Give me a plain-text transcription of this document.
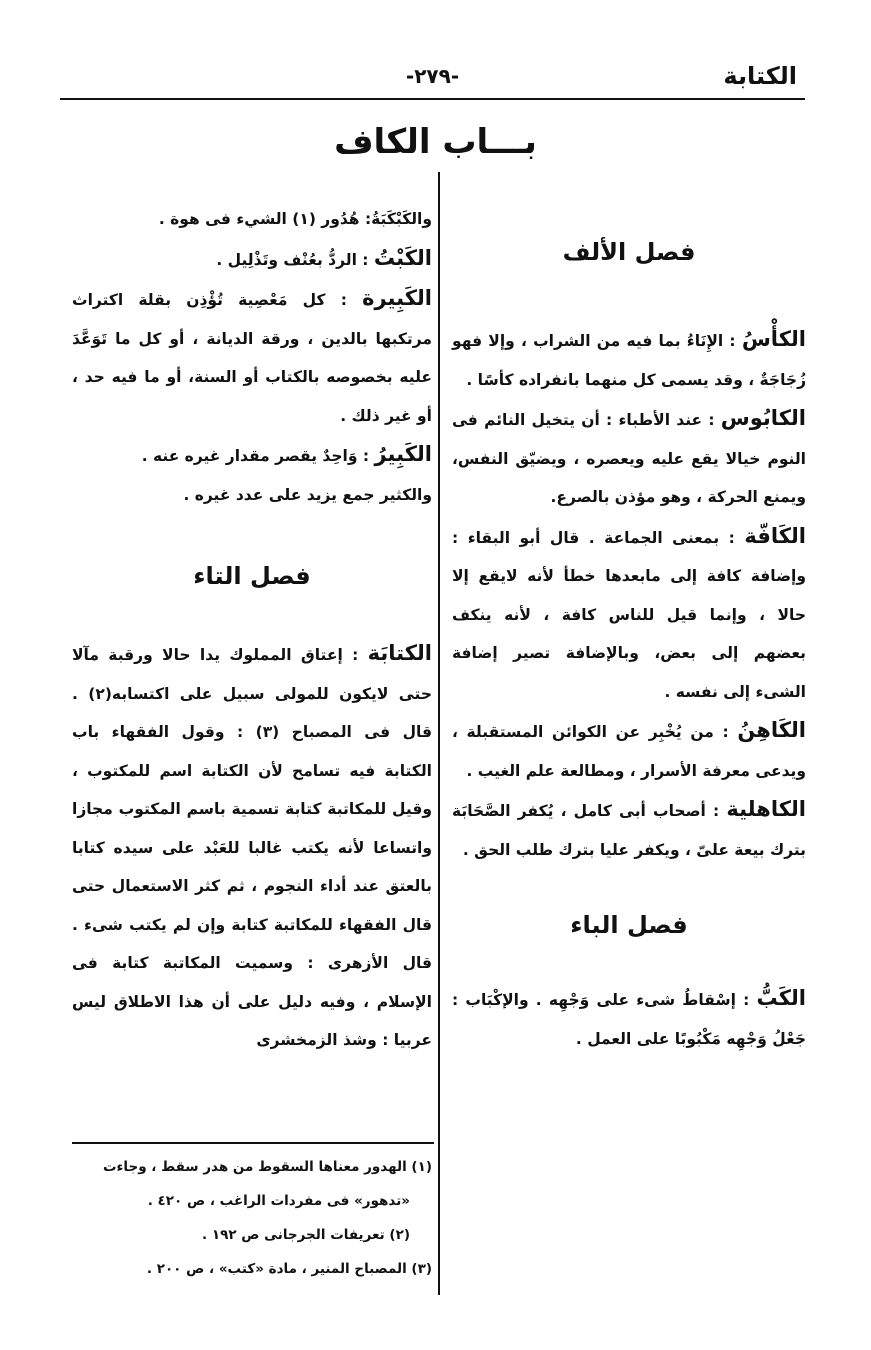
الكتابة
-٢٧٩-
بـــاب الكاف
فصل الألف

الكأْسُ : الإِنَاءُ بما فيه من الشراب ، وإلا فهو زُجَاجَةٌ ، وقد يسمى كل منهما بانفراده كأسًا .

الكابُوس : عند الأطباء : أن يتخيل النائم فى النوم خيالا يقع عليه ويعصره ، ويضيّق النفس، ويمنع الحركة ، وهو مؤذن بالصرع.

الكَافّة : بمعنى الجماعة . قال أبو البقاء : وإضافة كافة إلى مابعدها خطأ لأنه لايقع إلا حالا ، وإنما قيل للناس كافة ، لأنه ينكف بعضهم إلى بعض، وبالإضافة تصير إضافة الشىء إلى نفسه .

الكَاهِنُ : من يُخْبِر عن الكوائن المستقبلة ، ويدعى معرفة الأسرار ، ومطالعة علم الغيب .

الكاهلية : أصحاب أبى كامل ، يُكفر الصَّحَابَة بترك بيعة علىّ ، ويكفر عليا بترك طلب الحق .

فصل الباء

الكَبُّ : إسْقاطُ شىء على وَجْهِه . والإكْبَاب : جَعْلُ وَجْهِه مَكْبُوبًا على العمل .

والكَبْكَبَةُ: هُدُور (١) الشيء فى هوة .

الكَبْتُ : الردُّ بعُنْف وتَذْلِيل .

الكَبِيرة : كل مَعْصِية تُؤْذِن بقلة اكتراث مرتكبها بالدين ، ورقة الديانة ، أو كل ما تَوَعَّدَ عليه بخصوصه بالكتاب أو السنة، أو ما فيه حد ، أو غير ذلك .

الكَبِيرُ : وَاحِدٌ يقصر مقدار غيره عنه .

والكثير جمع يزيد على عدد غيره .

فصل التاء

الكتابَة : إعتاق المملوك يدا حالا ورقبة مآلا حتى لايكون للمولى سبيل على اكتسابه(٢) . قال فى المصباح (٣) : وقول الفقهاء باب الكتابة فيه تسامح لأن الكتابة اسم للمكتوب ، وقيل للمكاتبة كتابة تسمية باسم المكتوب مجازا واتساعا لأنه يكتب غالبا للعَبْد على سيده كتابا بالعتق عند أداء النجوم ، ثم كثر الاستعمال حتى قال الفقهاء للمكاتبة كتابة وإن لم يكتب شىء . قال الأزهرى : وسميت المكاتبة كتابة فى الإسلام ، وفيه دليل على أن هذا الاطلاق ليس عربيا : وشذ الزمخشرى

(١) الهدور معناها السقوط من هدر سقط ، وجاءت
«تدهور» فى مفردات الراغب ، ص ٤٢٠ .
(٢) تعريفات الجرجانى ص ١٩٢ .
(٣) المصباح المنير ، مادة «كتب» ، ص ٢٠٠ .
